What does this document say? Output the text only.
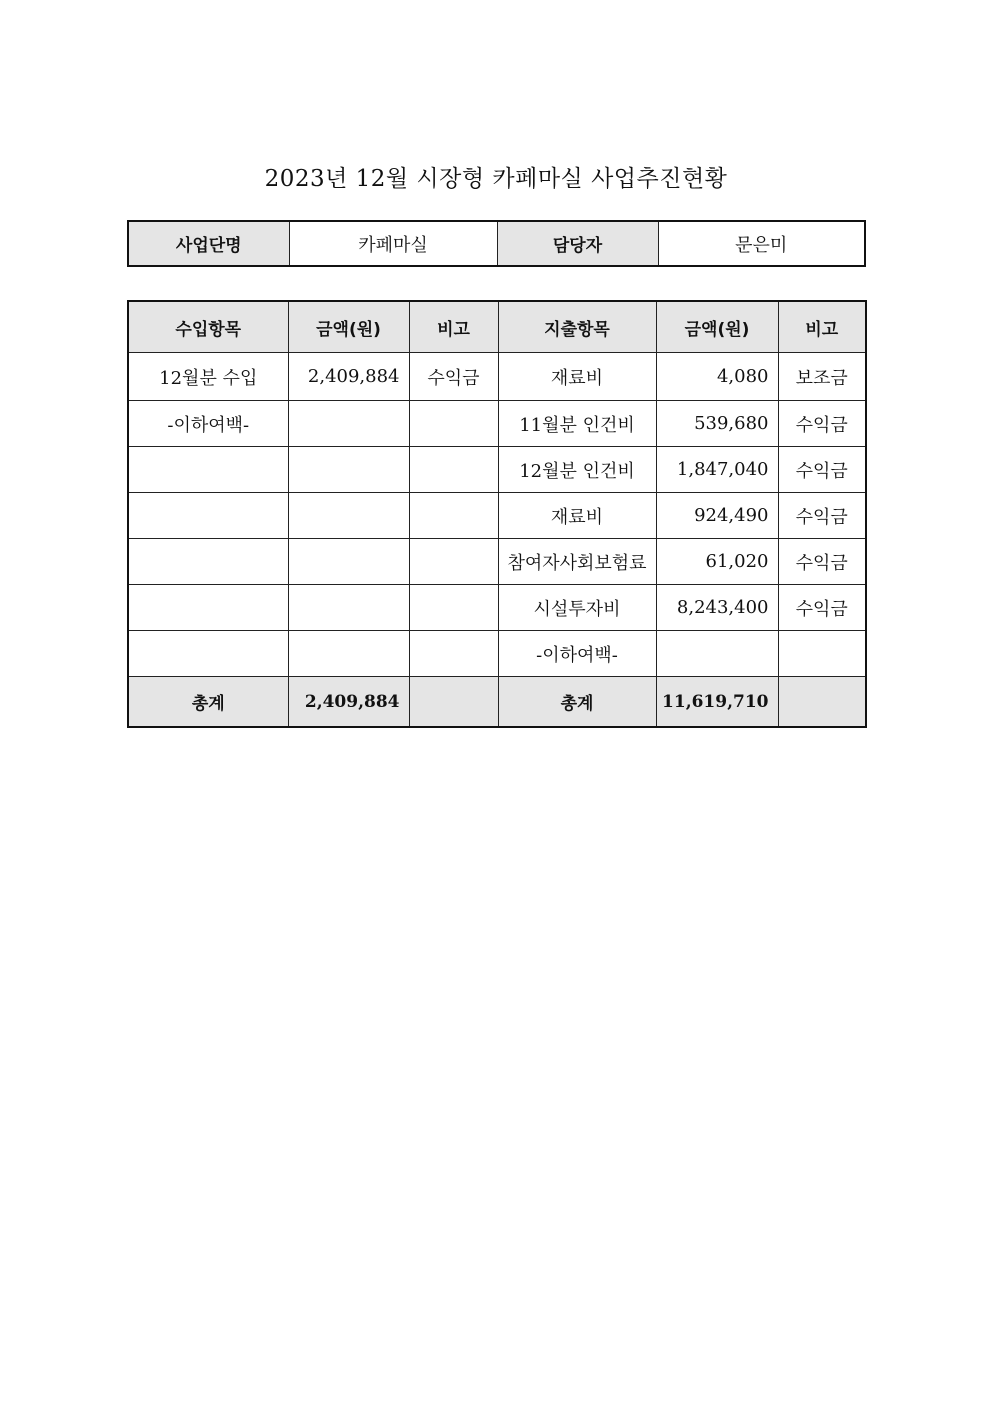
2023년 12월 시장형 카페마실 사업추진현황
사업단명	카페마실	담당자	문은미
수입항목	금액(원)	비고	지출항목	금액(원)	비고
12월분 수입	2,409,884	수익금	재료비	4,080	보조금
-이하여백-			11월분 인건비	539,680	수익금
			12월분 인건비	1,847,040	수익금
			재료비	924,490	수익금
			참여자사회보험료	61,020	수익금
			시설투자비	8,243,400	수익금
			-이하여백-		
총계	2,409,884		총계	11,619,710	
